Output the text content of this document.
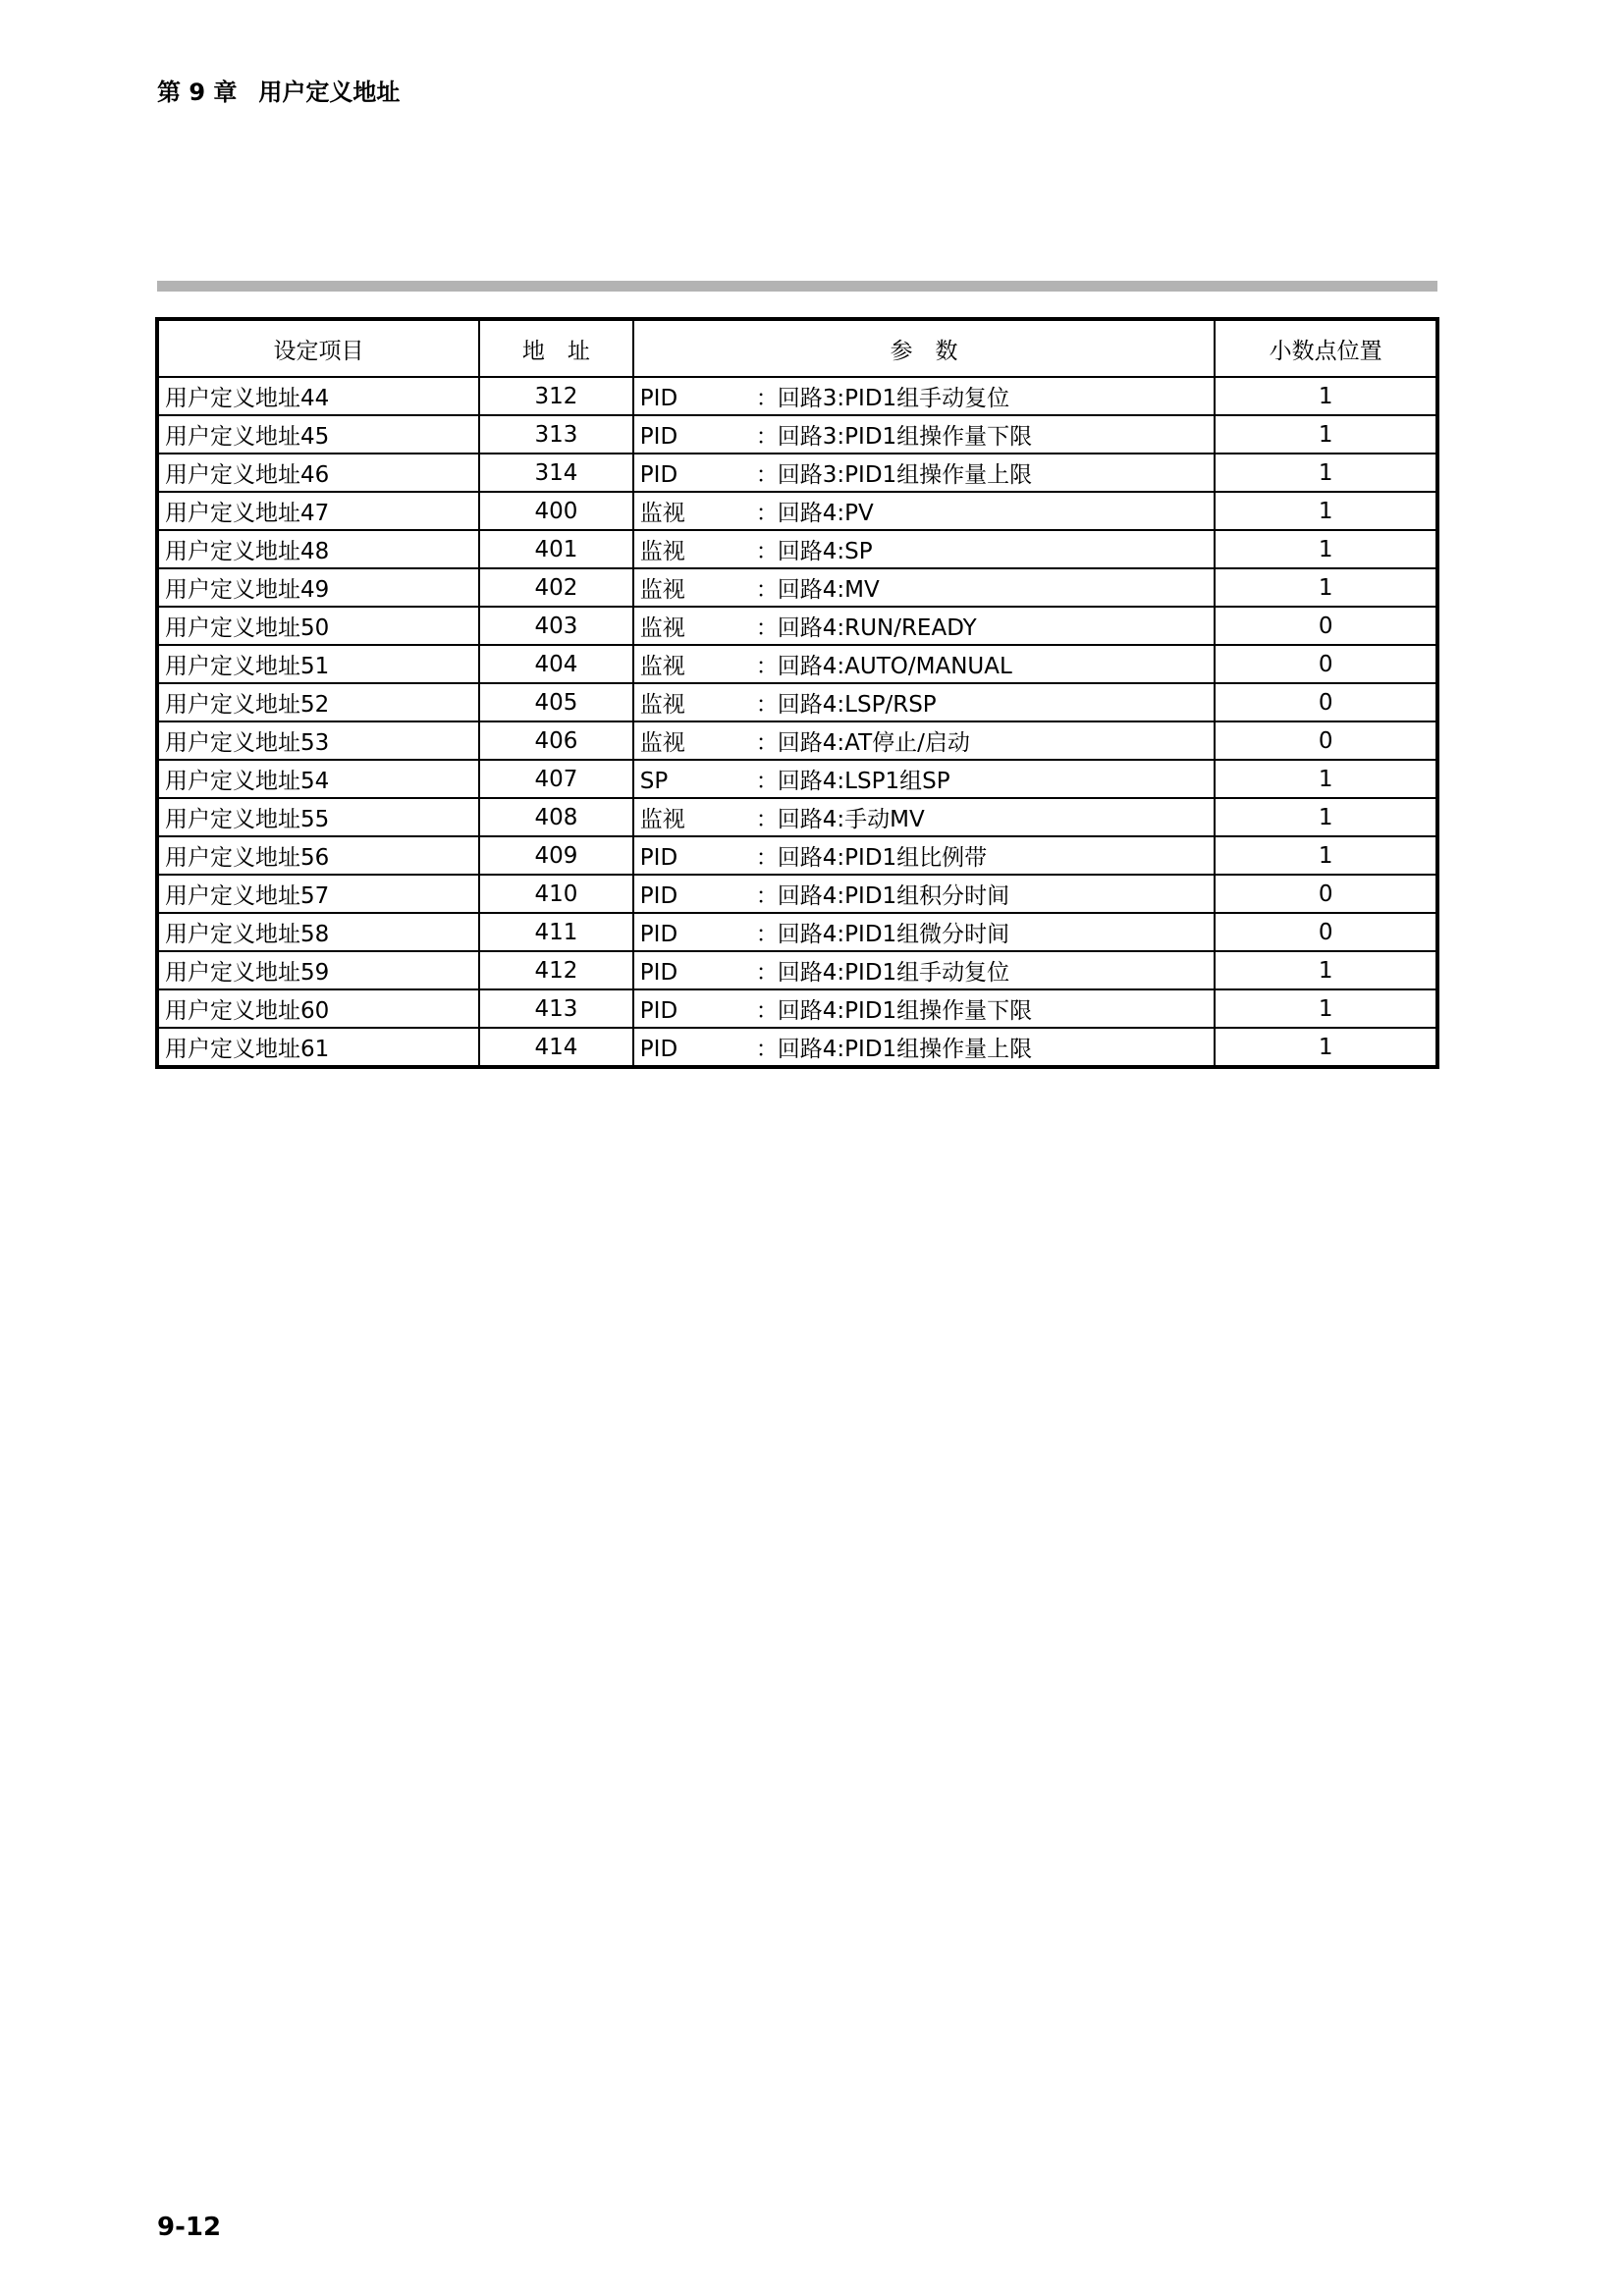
第 9 章 用户定义地址
设定项目	地　址	参　数	小数点位置
用户定义地址44	312	PID ：回路3:PID1组手动复位	1
用户定义地址45	313	PID ：回路3:PID1组操作量下限	1
用户定义地址46	314	PID ：回路3:PID1组操作量上限	1
用户定义地址47	400	监视 ：回路4:PV	1
用户定义地址48	401	监视 ：回路4:SP	1
用户定义地址49	402	监视 ：回路4:MV	1
用户定义地址50	403	监视 ：回路4:RUN/READY	0
用户定义地址51	404	监视 ：回路4:AUTO/MANUAL	0
用户定义地址52	405	监视 ：回路4:LSP/RSP	0
用户定义地址53	406	监视 ：回路4:AT停止/启动	0
用户定义地址54	407	SP ：回路4:LSP1组SP	1
用户定义地址55	408	监视 ：回路4:手动MV	1
用户定义地址56	409	PID ：回路4:PID1组比例带	1
用户定义地址57	410	PID ：回路4:PID1组积分时间	0
用户定义地址58	411	PID ：回路4:PID1组微分时间	0
用户定义地址59	412	PID ：回路4:PID1组手动复位	1
用户定义地址60	413	PID ：回路4:PID1组操作量下限	1
用户定义地址61	414	PID ：回路4:PID1组操作量上限	1
9-12
